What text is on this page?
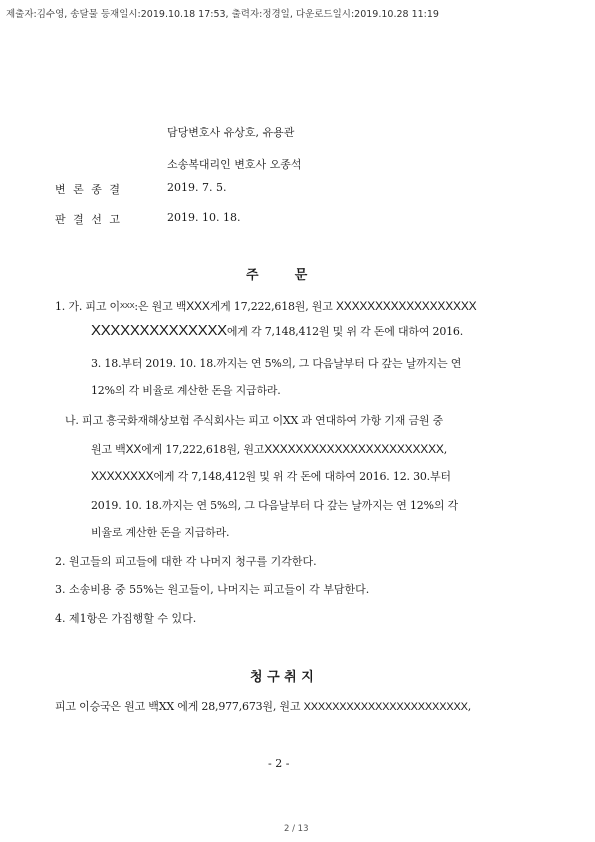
제출자:김수영, 송달물 등재일시:2019.10.18 17:53, 출력자:정경일, 다운로드일시:2019.10.28 11:19
담당변호사 유상호, 유용관
소송복대리인 변호사 오종석
변 론 종 결	2019. 7. 5.
판 결 선 고	2019. 10. 18.
주        문
1. 가. 피고 이XXX:은 원고 백XXX게게 17,222,618원, 원고 XXXXXXXXXXXXXXXXXX
XXXXXXXXXXXXXX에게 각 7,148,412원 및 위 각 돈에 대하여 2016.
3. 18.부터 2019. 10. 18.까지는 연 5%의, 그 다음날부터 다 갚는 날까지는 연
12%의 각 비율로 계산한 돈을 지급하라.
나. 피고 흥국화재해상보험 주식회사는 피고 이XX 과 연대하여 가항 기재 금원 중
원고 백XX에게 17,222,618원, 원고XXXXXXXXXXXXXXXXXXXXXXX,
XXXXXXXX에게 각 7,148,412원 및 위 각 돈에 대하여 2016. 12. 30.부터
2019. 10. 18.까지는 연 5%의, 그 다음날부터 다 갚는 날까지는 연 12%의 각
비율로 계산한 돈을 지급하라.
2. 원고들의 피고들에 대한 각 나머지 청구를 기각한다.
3. 소송비용 중 55%는 원고들이, 나머지는 피고들이 각 부담한다.
4. 제1항은 가집행할 수 있다.
청 구 취 지
피고 이승국은 원고 백XX 에게 28,977,673원, 원고 XXXXXXXXXXXXXXXXXXXXXXX,
- 2 -
2 / 13
